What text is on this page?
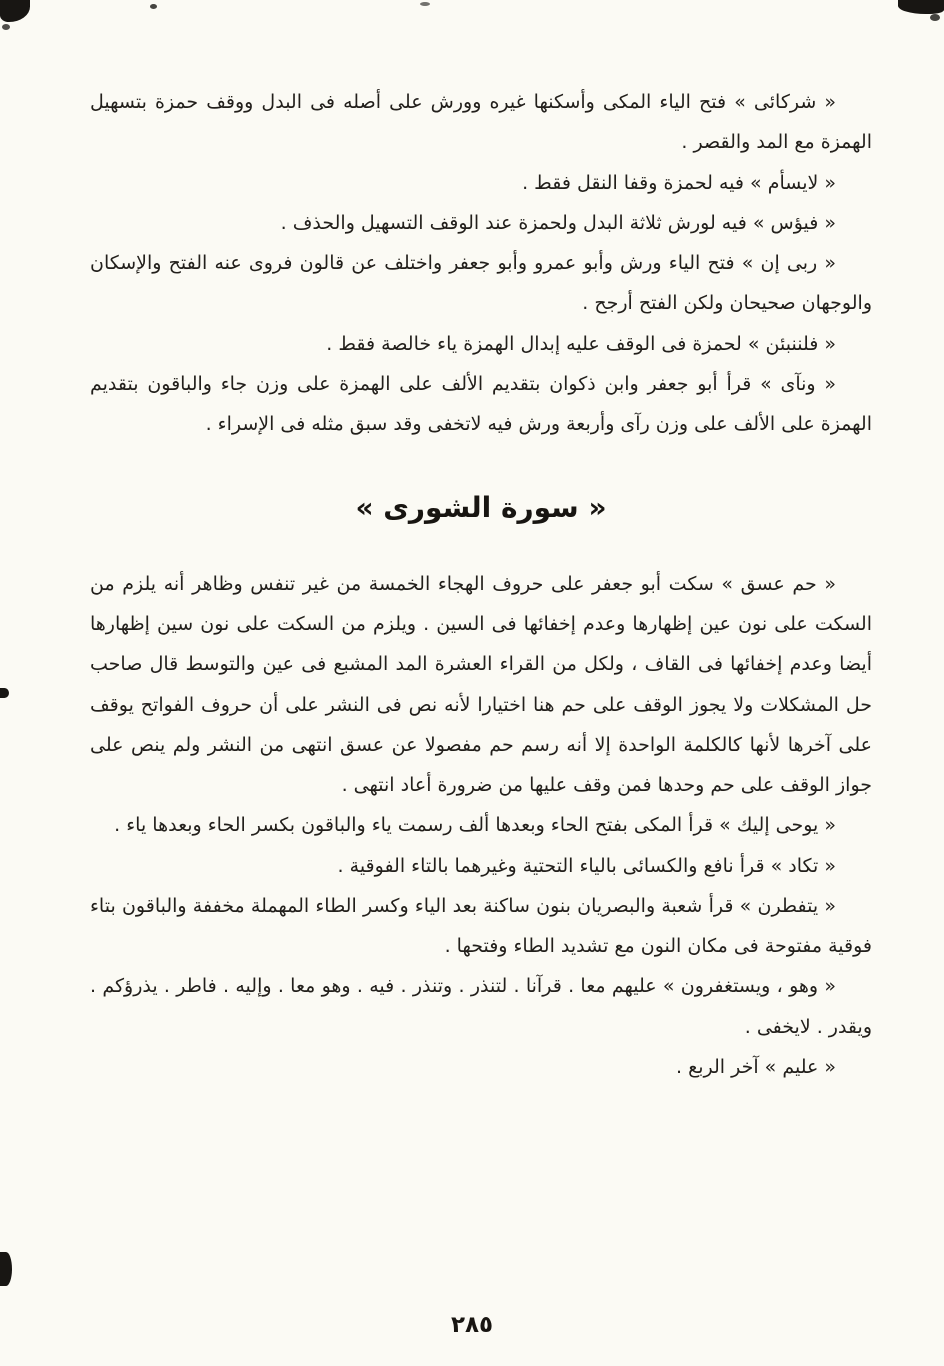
« شركائى » فتح الياء المكى وأسكنها غيره وورش على أصله فى البدل ووقف حمزة بتسهيل الهمزة مع المد والقصر .

« لايسأم » فيه لحمزة وقفا النقل فقط .

« فيؤس » فيه لورش ثلاثة البدل ولحمزة عند الوقف التسهيل والحذف .

« ربى إن » فتح الياء ورش وأبو عمرو وأبو جعفر واختلف عن قالون فروى عنه الفتح والإسكان والوجهان صحيحان ولكن الفتح أرجح .

« فلننبئن » لحمزة فى الوقف عليه إبدال الهمزة ياء خالصة فقط .

« ونآى » قرأ أبو جعفر وابن ذكوان بتقديم الألف على الهمزة على وزن جاء والباقون بتقديم الهمزة على الألف على وزن رآى وأربعة ورش فيه لاتخفى وقد سبق مثله فى الإسراء .

« سورة الشورى »

« حم عسق » سكت أبو جعفر على حروف الهجاء الخمسة من غير تنفس وظاهر أنه يلزم من السكت على نون عين إظهارها وعدم إخفائها فى السين . ويلزم من السكت على نون سين إظهارها أيضا وعدم إخفائها فى القاف ، ولكل من القراء العشرة المد المشبع فى عين والتوسط قال صاحب حل المشكلات ولا يجوز الوقف على حم هنا اختيارا لأنه نص فى النشر على أن حروف الفواتح يوقف على آخرها لأنها كالكلمة الواحدة إلا أنه رسم حم مفصولا عن عسق انتهى من النشر ولم ينص على جواز الوقف على حم وحدها فمن وقف عليها من ضرورة أعاد انتهى .

« يوحى إليك » قرأ المكى بفتح الحاء وبعدها ألف رسمت ياء والباقون بكسر الحاء وبعدها ياء .

« تكاد » قرأ نافع والكسائى بالياء التحتية وغيرهما بالتاء الفوقية .

« يتفطرن » قرأ شعبة والبصريان بنون ساكنة بعد الياء وكسر الطاء المهملة مخففة والباقون بتاء فوقية مفتوحة فى مكان النون مع تشديد الطاء وفتحها .

« وهو ، ويستغفرون » عليهم معا . قرآنا . لتنذر . وتنذر . فيه . وهو معا . وإليه . فاطر . يذرؤكم . ويقدر . لايخفى .

« عليم » آخر الربع .

٢٨٥
